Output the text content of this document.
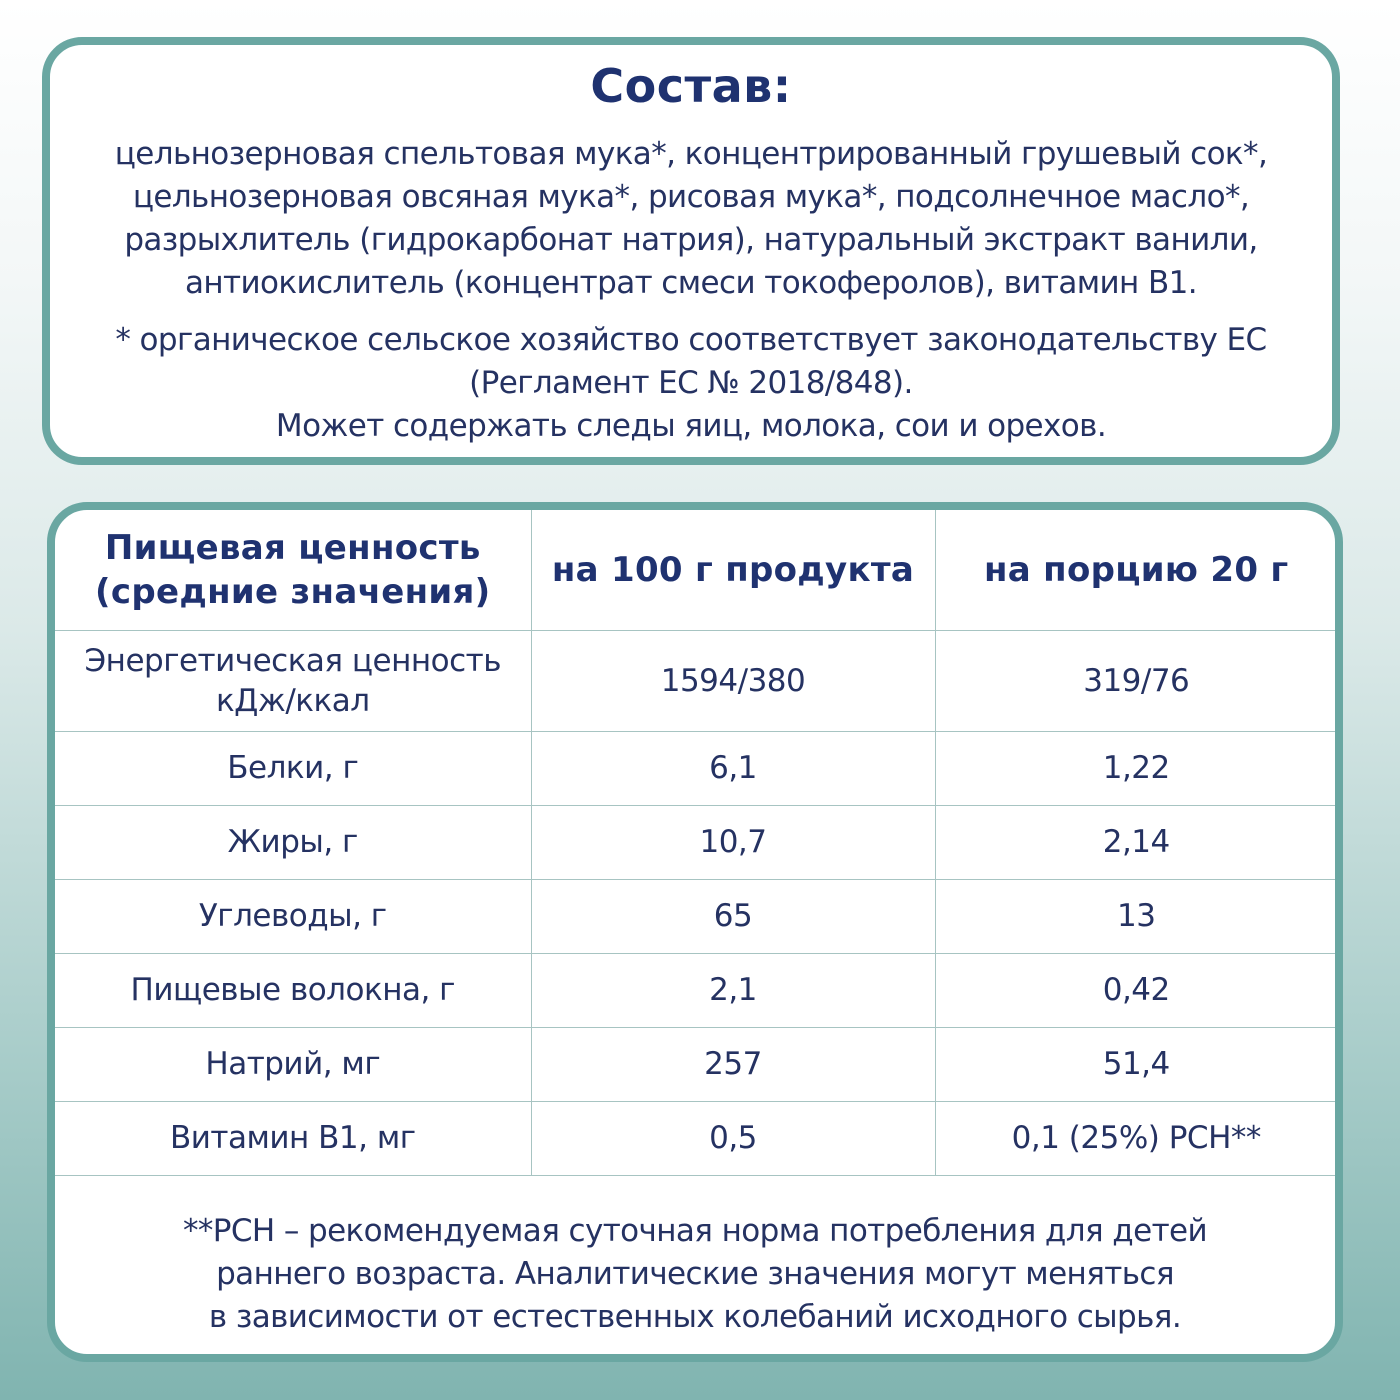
Состав:
цельнозерновая спельтовая мука*, концентрированный грушевый сок*,
цельнозерновая овсяная мука*, рисовая мука*, подсолнечное масло*,
разрыхлитель (гидрокарбонат натрия), натуральный экстракт ванили,
антиокислитель (концентрат смеси токоферолов), витамин В1.
* органическое сельское хозяйство соответствует законодательству ЕС
(Регламент ЕС № 2018/848).
Может содержать следы яиц, молока, сои и орехов.
Пищевая ценность
(средние значения)	на 100 г продукта	на порцию 20 г

Энергетическая ценность
кДж/ккал	1594/380	319/76
Белки, г	6,1	1,22
Жиры, г	10,7	2,14
Углеводы, г	65	13
Пищевые волокна, г	2,1	0,42
Натрий, мг	257	51,4
Витамин В1, мг	0,5	0,1 (25%) РСН**
**РСН – рекомендуемая суточная норма потребления для детей
раннего возраста. Аналитические значения могут меняться
в зависимости от естественных колебаний исходного сырья.
